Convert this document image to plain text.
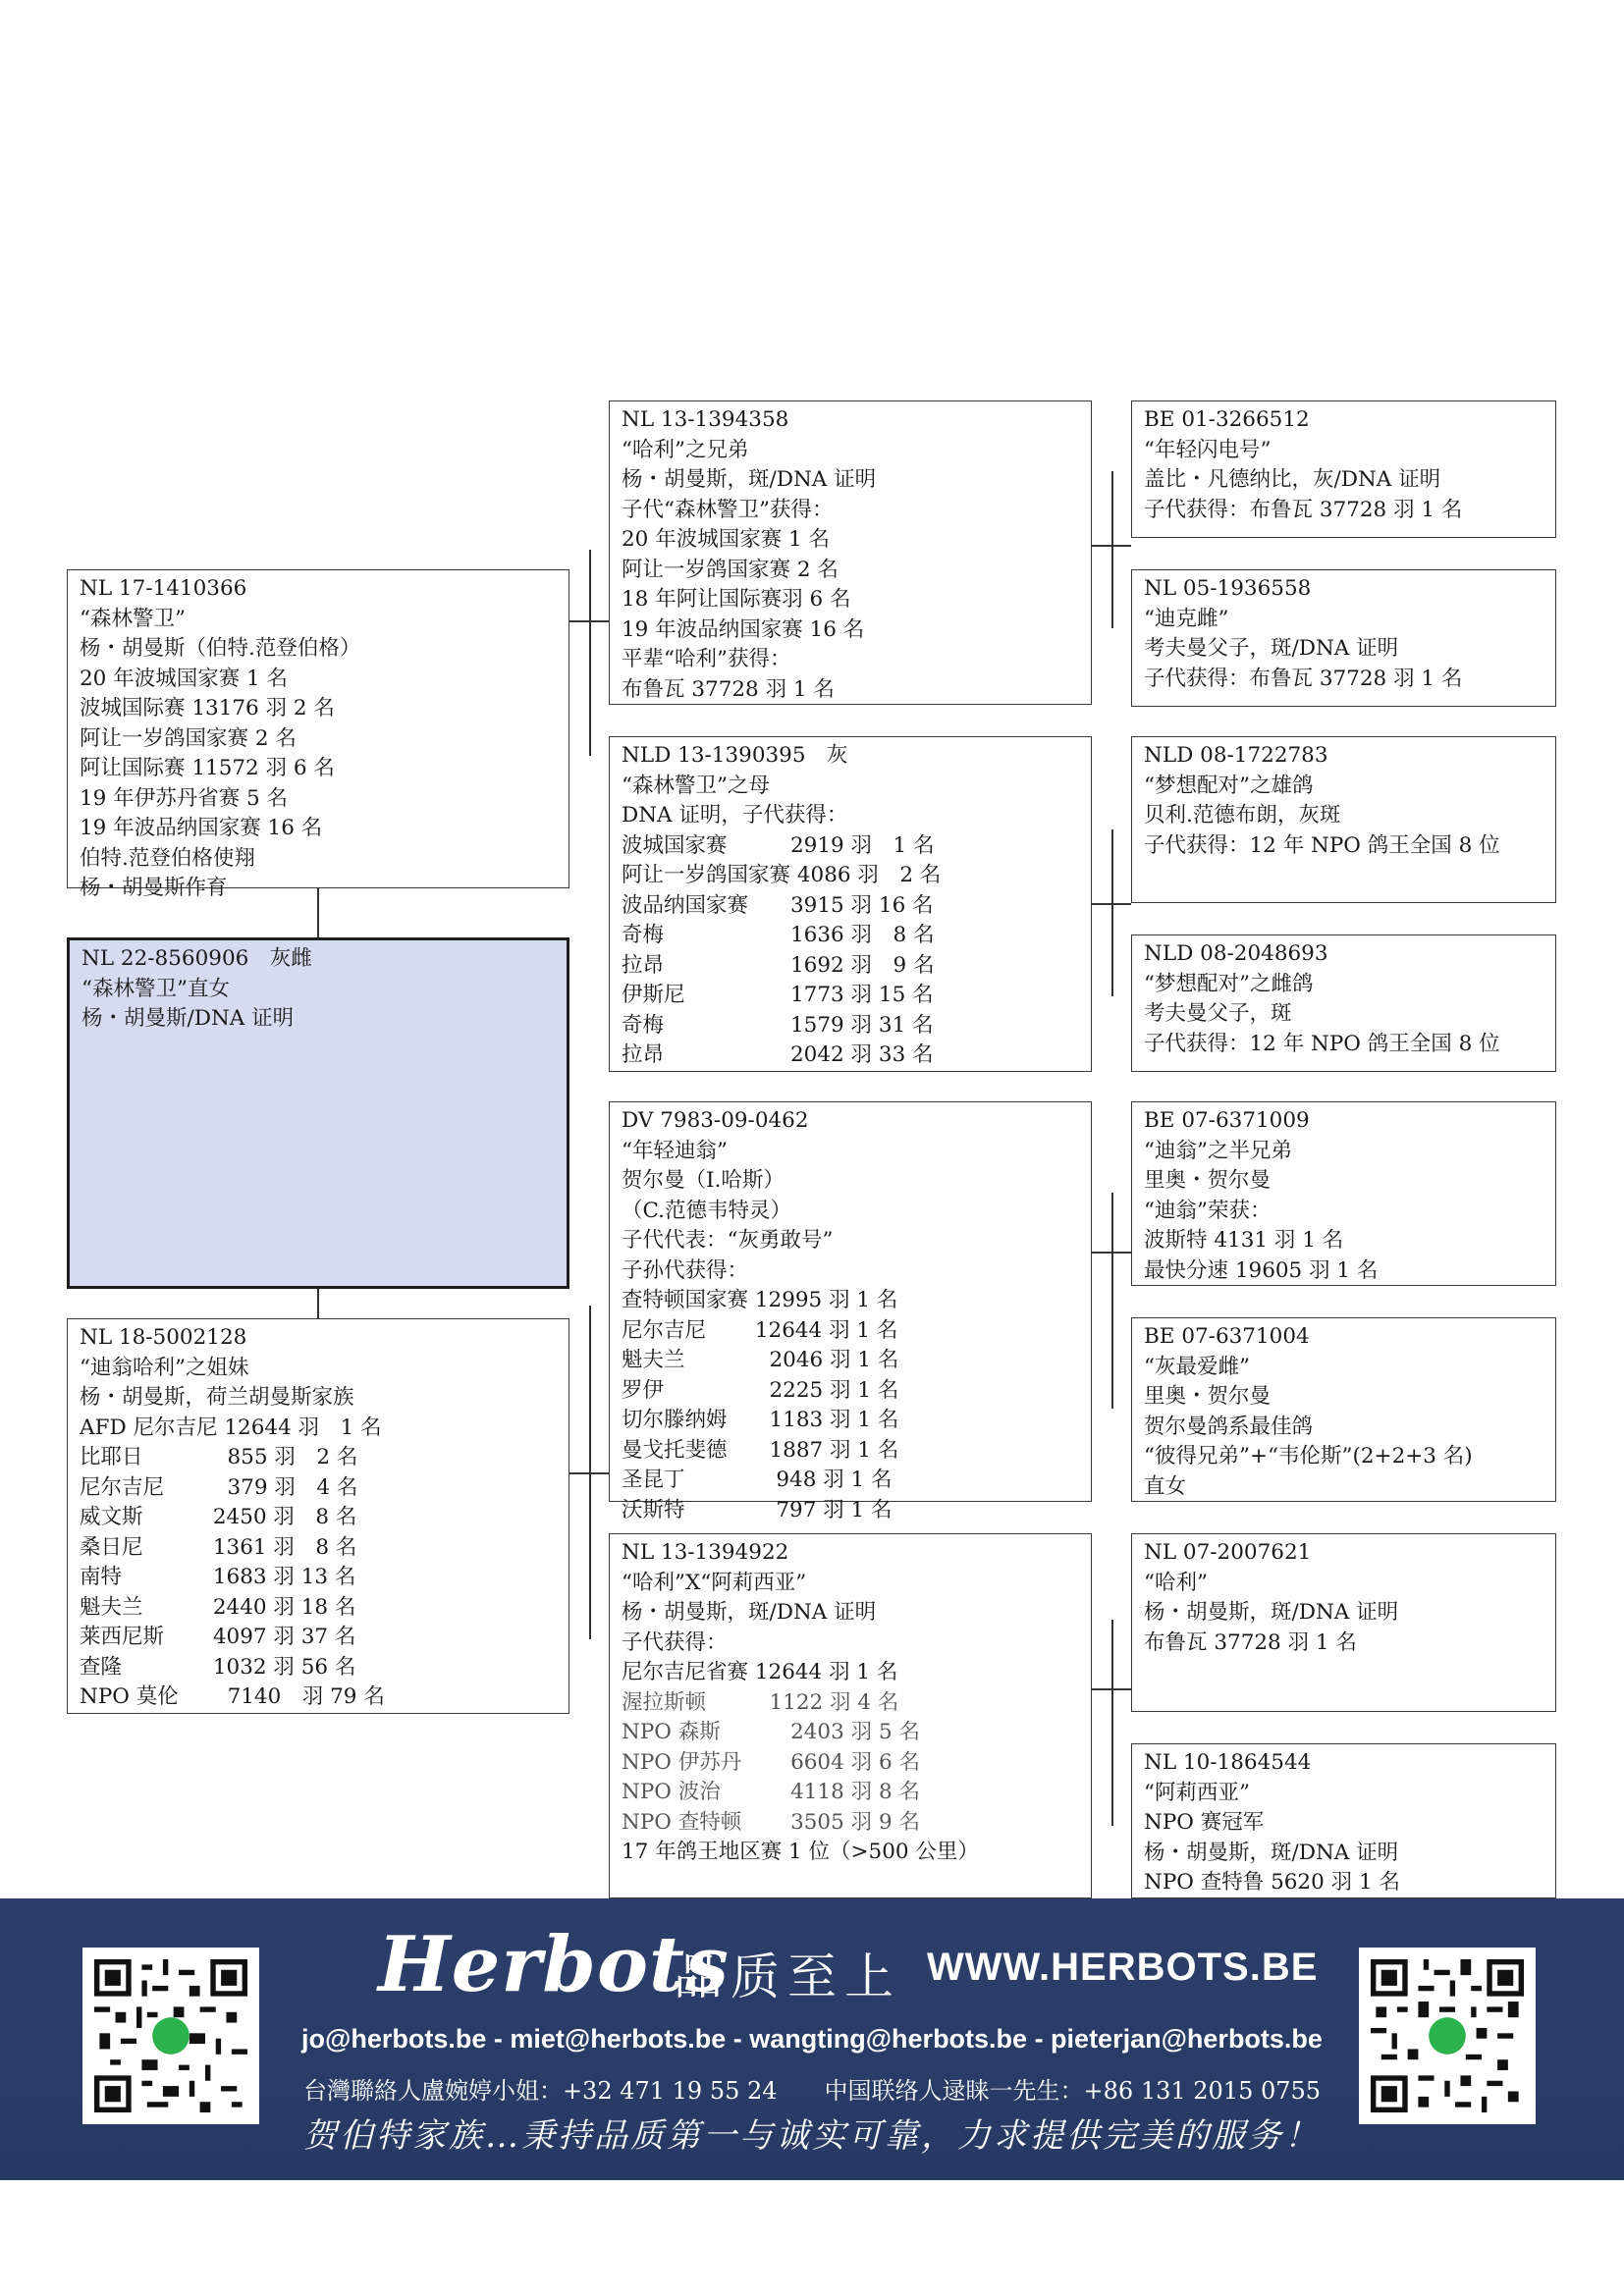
NL 17-1410366
“森林警卫”
杨・胡曼斯（伯特.范登伯格）
20 年波城国家赛 1 名
波城国际赛 13176 羽 2 名
阿让一岁鸽国家赛 2 名
阿让国际赛 11572 羽 6 名
19 年伊苏丹省赛 5 名
19 年波品纳国家赛 16 名
伯特.范登伯格使翔
杨・胡曼斯作育
NL 22-8560906　灰雌
“森林警卫”直女
杨・胡曼斯/DNA 证明
NL 18-5002128
“迪翁哈利”之姐妹
杨・胡曼斯，荷兰胡曼斯家族
AFD 尼尔吉尼 12644 羽　1 名
比耶日　　　　855 羽　2 名
尼尔吉尼　　　379 羽　4 名
威文斯　　　 2450 羽　8 名
桑日尼　　　 1361 羽　8 名
南特　　　　 1683 羽 13 名
魁夫兰　　　 2440 羽 18 名
莱西尼斯　　 4097 羽 37 名
查隆　　　　 1032 羽 56 名
NPO 莫伦　　 7140　羽 79 名
NL 13-1394358
“哈利”之兄弟
杨・胡曼斯，斑/DNA 证明
子代“森林警卫”获得：
20 年波城国家赛 1 名
阿让一岁鸽国家赛 2 名
18 年阿让国际赛羽 6 名
19 年波品纳国家赛 16 名
平辈“哈利”获得：
布鲁瓦 37728 羽 1 名
NLD 13-1390395　灰
“森林警卫”之母
DNA 证明，子代获得：
波城国家赛　　　2919 羽　1 名
阿让一岁鸽国家赛 4086 羽　2 名
波品纳国家赛　　3915 羽 16 名
奇梅　　　　　　1636 羽　8 名
拉昂　　　　　　1692 羽　9 名
伊斯尼　　　　　1773 羽 15 名
奇梅　　　　　　1579 羽 31 名
拉昂　　　　　　2042 羽 33 名
DV 7983-09-0462
“年轻迪翁”
贺尔曼（I.哈斯）
（C.范德韦特灵）
子代代表：“灰勇敢号”
子孙代获得：
查特顿国家赛 12995 羽 1 名
尼尔吉尼　　 12644 羽 1 名
魁夫兰　　　　2046 羽 1 名
罗伊　　　　　2225 羽 1 名
切尔滕纳姆　　1183 羽 1 名
曼戈托斐德　　1887 羽 1 名
圣昆丁　　　　 948 羽 1 名
沃斯特　　　　 797 羽 1 名
NL 13-1394922
“哈利”X“阿莉西亚”
杨・胡曼斯，斑/DNA 证明
子代获得：
尼尔吉尼省赛 12644 羽 1 名
渥拉斯顿　　　1122 羽 4 名
NPO 森斯　　　 2403 羽 5 名
NPO 伊苏丹　　 6604 羽 6 名
NPO 波治　　　 4118 羽 8 名
NPO 查特顿　　 3505 羽 9 名
17 年鸽王地区赛 1 位（>500 公里）
BE 01-3266512
“年轻闪电号”
盖比・凡德纳比，灰/DNA 证明
子代获得：布鲁瓦 37728 羽 1 名
NL 05-1936558
“迪克雌”
考夫曼父子，斑/DNA 证明
子代获得：布鲁瓦 37728 羽 1 名
NLD 08-1722783
“梦想配对”之雄鸽
贝利.范德布朗，灰斑
子代获得：12 年 NPO 鸽王全国 8 位
NLD 08-2048693
“梦想配对”之雌鸽
考夫曼父子，斑
子代获得：12 年 NPO 鸽王全国 8 位
BE 07-6371009
“迪翁”之半兄弟
里奥・贺尔曼
“迪翁”荣获：
波斯特 4131 羽 1 名
最快分速 19605 羽 1 名
BE 07-6371004
“灰最爱雌”
里奥・贺尔曼
贺尔曼鸽系最佳鸽
“彼得兄弟”+“韦伦斯”(2+2+3 名)
直女
NL 07-2007621
“哈利”
杨・胡曼斯，斑/DNA 证明
布鲁瓦 37728 羽 1 名
NL 10-1864544
“阿莉西亚”
NPO 赛冠军
杨・胡曼斯，斑/DNA 证明
NPO 查特鲁 5620 羽 1 名
Herbots
品质至上 WWW.HERBOTS.BE
jo@herbots.be - miet@herbots.be - wangting@herbots.be - pieterjan@herbots.be
台灣聯絡人盧婉婷小姐：+32 471 19 55 24　　中国联络人逯睐一先生：+86 131 2015 0755
贺伯特家族…秉持品质第一与诚实可靠，力求提供完美的服务！
